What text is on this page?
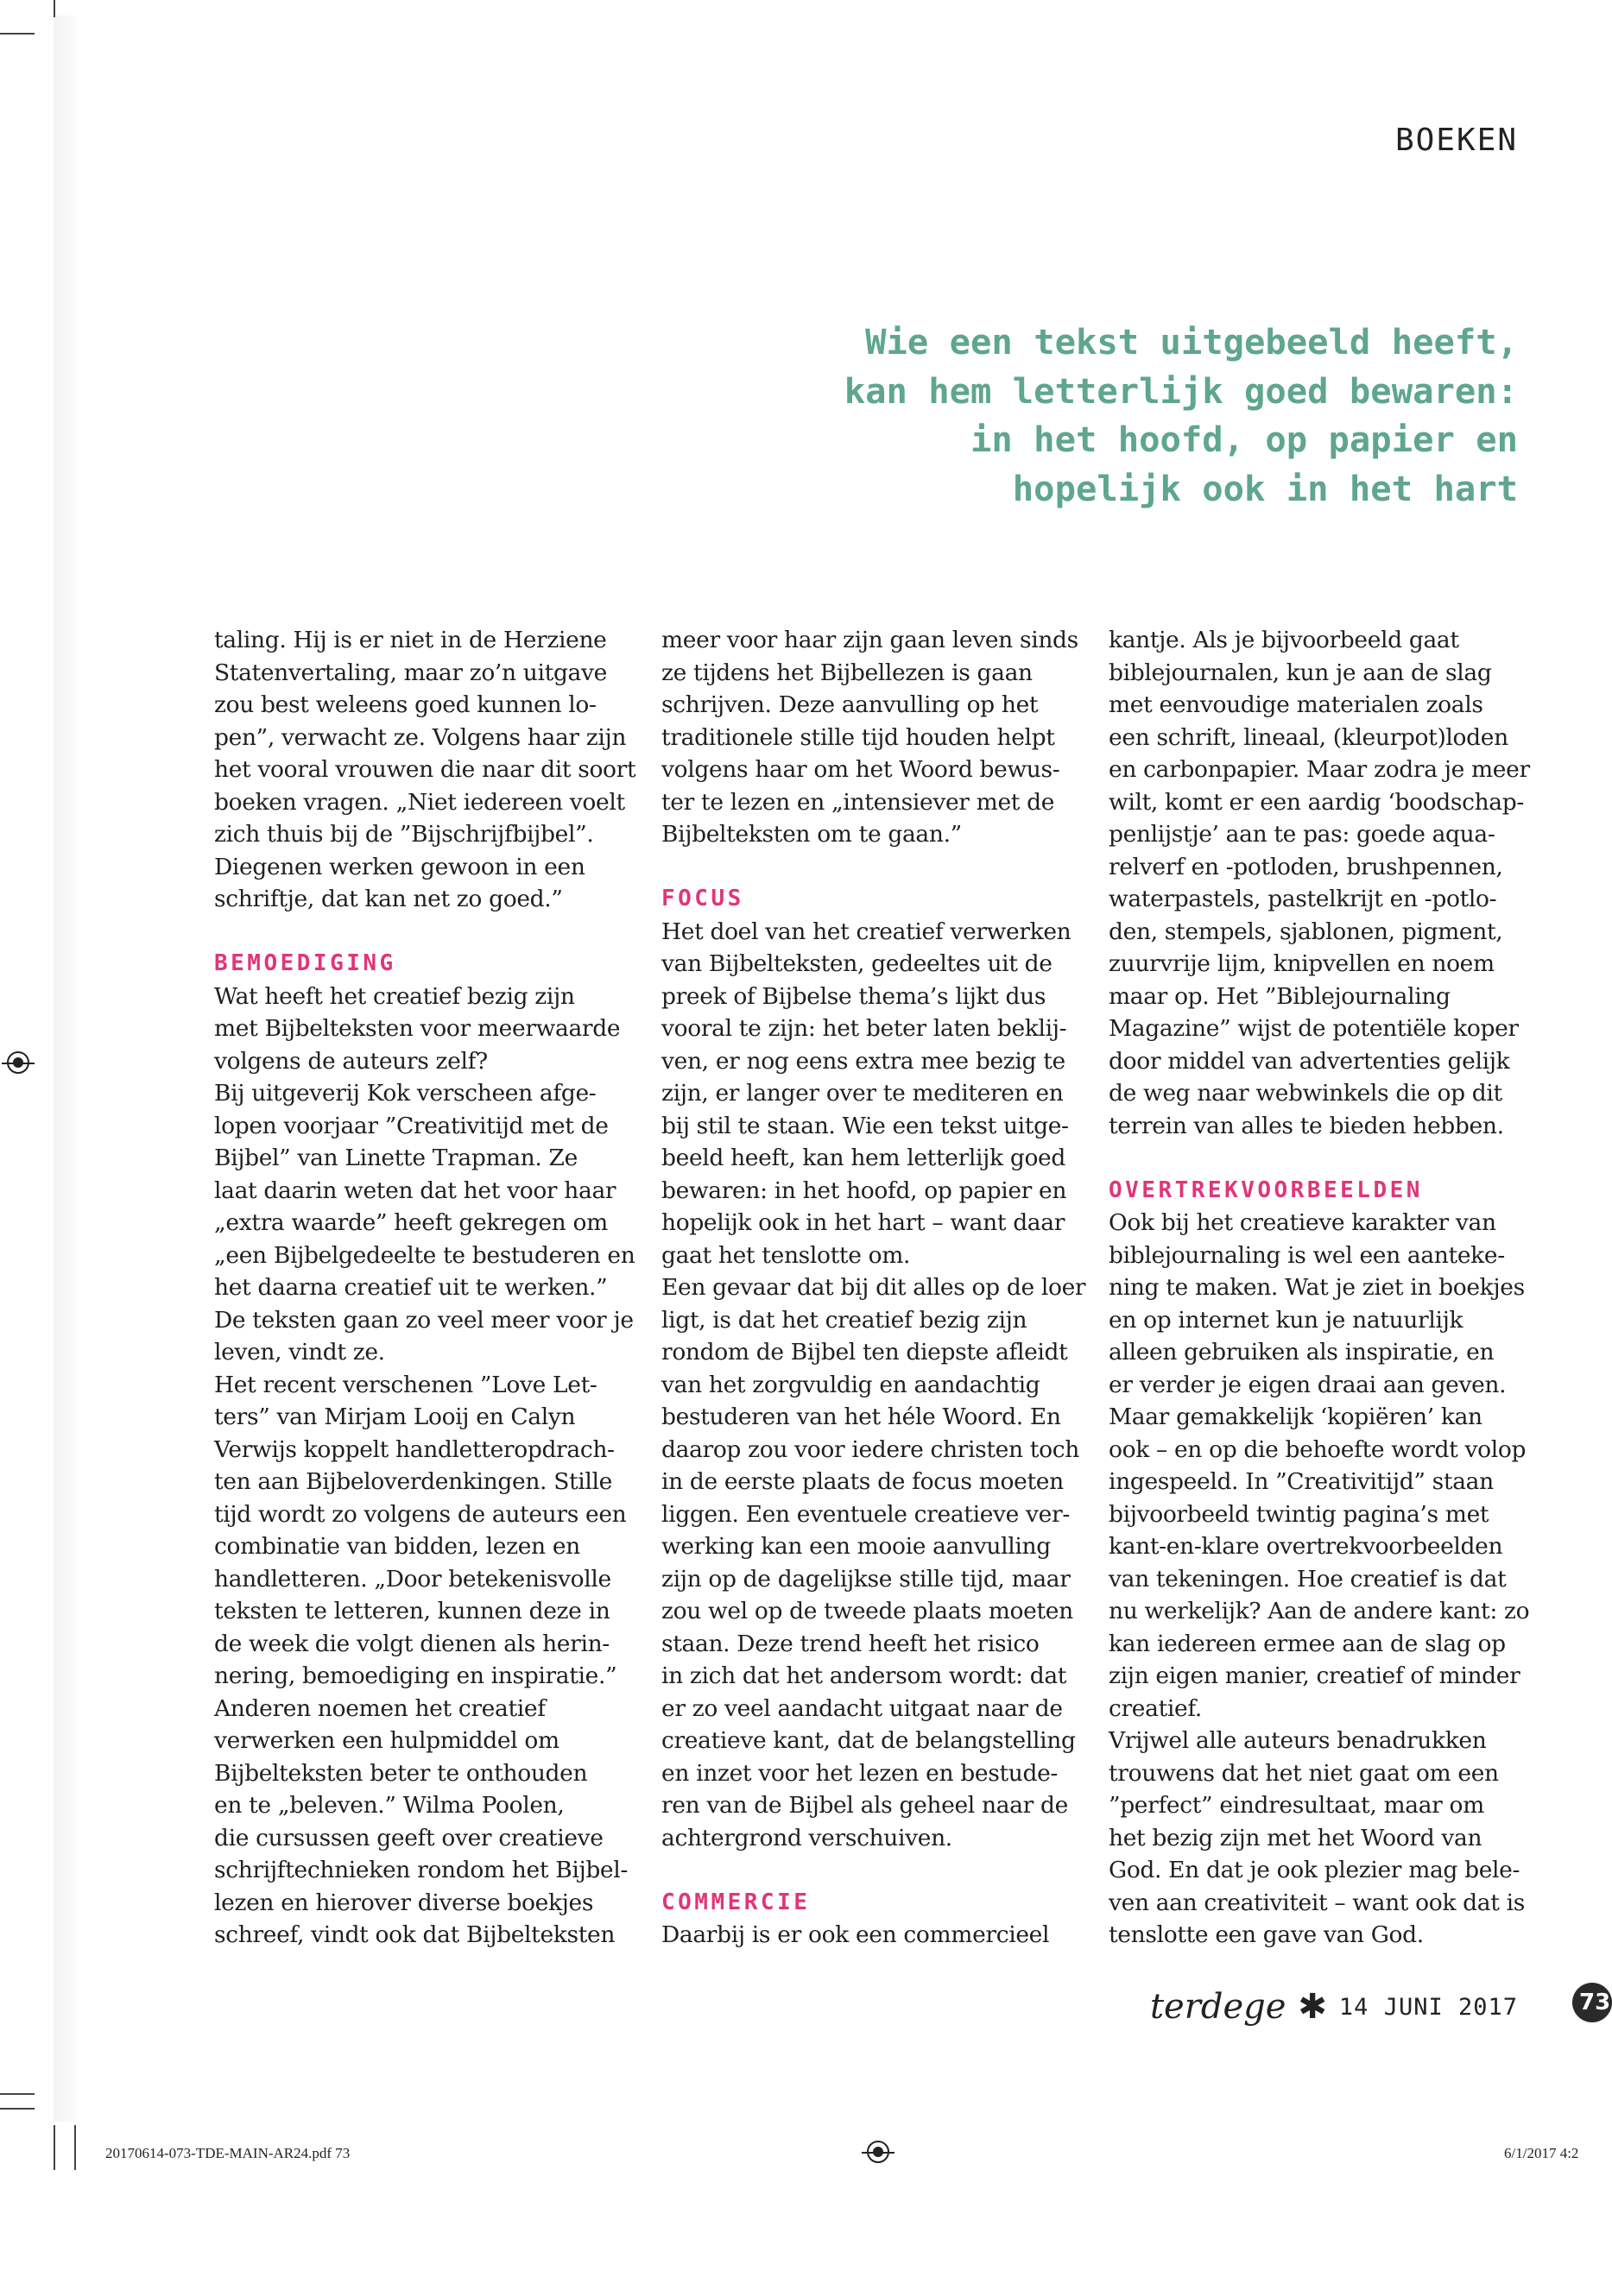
BOEKEN
Wie een tekst uitgebeeld heeft,
kan hem letterlijk goed bewaren:
in het hoofd, op papier en
hopelijk ook in het hart
taling. Hij is er niet in de Herziene
Statenvertaling, maar zo’n uitgave
zou best weleens goed kunnen lo-
pen”, verwacht ze. Volgens haar zijn
het vooral vrouwen die naar dit soort
boeken vragen. „Niet iedereen voelt
zich thuis bij de ”Bijschrijfbijbel”.
Diegenen werken gewoon in een
schriftje, dat kan net zo goed.”
BEMOEDIGING
Wat heeft het creatief bezig zijn
met Bijbelteksten voor meerwaarde
volgens de auteurs zelf?
Bij uitgeverij Kok verscheen afge-
lopen voorjaar ”Creativitijd met de
Bijbel” van Linette Trapman. Ze
laat daarin weten dat het voor haar
„extra waarde” heeft gekregen om
„een Bijbelgedeelte te bestuderen en
het daarna creatief uit te werken.”
De teksten gaan zo veel meer voor je
leven, vindt ze.
Het recent verschenen ”Love Let-
ters” van Mirjam Looij en Calyn
Verwijs koppelt handletteropdrach-
ten aan Bijbeloverdenkingen. Stille
tijd wordt zo volgens de auteurs een
combinatie van bidden, lezen en
handletteren. „Door betekenisvolle
teksten te letteren, kunnen deze in
de week die volgt dienen als herin-
nering, bemoediging en inspiratie.”
Anderen noemen het creatief
verwerken een hulpmiddel om
Bijbelteksten beter te onthouden
en te „beleven.” Wilma Poolen,
die cursussen geeft over creatieve
schrijftechnieken rondom het Bijbel-
lezen en hierover diverse boekjes
schreef, vindt ook dat Bijbelteksten
meer voor haar zijn gaan leven sinds
ze tijdens het Bijbellezen is gaan
schrijven. Deze aanvulling op het
traditionele stille tijd houden helpt
volgens haar om het Woord bewus-
ter te lezen en „intensiever met de
Bijbelteksten om te gaan.”
FOCUS
Het doel van het creatief verwerken
van Bijbelteksten, gedeeltes uit de
preek of Bijbelse thema’s lijkt dus
vooral te zijn: het beter laten beklij-
ven, er nog eens extra mee bezig te
zijn, er langer over te mediteren en
bij stil te staan. Wie een tekst uitge-
beeld heeft, kan hem letterlijk goed
bewaren: in het hoofd, op papier en
hopelijk ook in het hart – want daar
gaat het tenslotte om.
Een gevaar dat bij dit alles op de loer
ligt, is dat het creatief bezig zijn
rondom de Bijbel ten diepste afleidt
van het zorgvuldig en aandachtig
bestuderen van het héle Woord. En
daarop zou voor iedere christen toch
in de eerste plaats de focus moeten
liggen. Een eventuele creatieve ver-
werking kan een mooie aanvulling
zijn op de dagelijkse stille tijd, maar
zou wel op de tweede plaats moeten
staan. Deze trend heeft het risico
in zich dat het andersom wordt: dat
er zo veel aandacht uitgaat naar de
creatieve kant, dat de belangstelling
en inzet voor het lezen en bestude-
ren van de Bijbel als geheel naar de
achtergrond verschuiven.
COMMERCIE
Daarbij is er ook een commercieel
kantje. Als je bijvoorbeeld gaat
biblejournalen, kun je aan de slag
met eenvoudige materialen zoals
een schrift, lineaal, (kleurpot)loden
en carbonpapier. Maar zodra je meer
wilt, komt er een aardig ‘boodschap-
penlijstje’ aan te pas: goede aqua-
relverf en -potloden, brushpennen,
waterpastels, pastelkrijt en -potlo-
den, stempels, sjablonen, pigment,
zuurvrije lijm, knipvellen en noem
maar op. Het ”Biblejournaling
Magazine” wijst de potentiële koper
door middel van advertenties gelijk
de weg naar webwinkels die op dit
terrein van alles te bieden hebben.
OVERTREKVOORBEELDEN
Ook bij het creatieve karakter van
biblejournaling is wel een aanteke-
ning te maken. Wat je ziet in boekjes
en op internet kun je natuurlijk
alleen gebruiken als inspiratie, en
er verder je eigen draai aan geven.
Maar gemakkelijk ‘kopiëren’ kan
ook – en op die behoefte wordt volop
ingespeeld. In ”Creativitijd” staan
bijvoorbeeld twintig pagina’s met
kant-en-klare overtrekvoorbeelden
van tekeningen. Hoe creatief is dat
nu werkelijk? Aan de andere kant: zo
kan iedereen ermee aan de slag op
zijn eigen manier, creatief of minder
creatief.
Vrijwel alle auteurs benadrukken
trouwens dat het niet gaat om een
”perfect” eindresultaat, maar om
het bezig zijn met het Woord van
God. En dat je ook plezier mag bele-
ven aan creativiteit – want ook dat is
tenslotte een gave van God.
terdege ✱ 14 JUNI 2017	73
20170614-073-TDE-MAIN-AR24.pdf 73	6/1/2017 4:2
